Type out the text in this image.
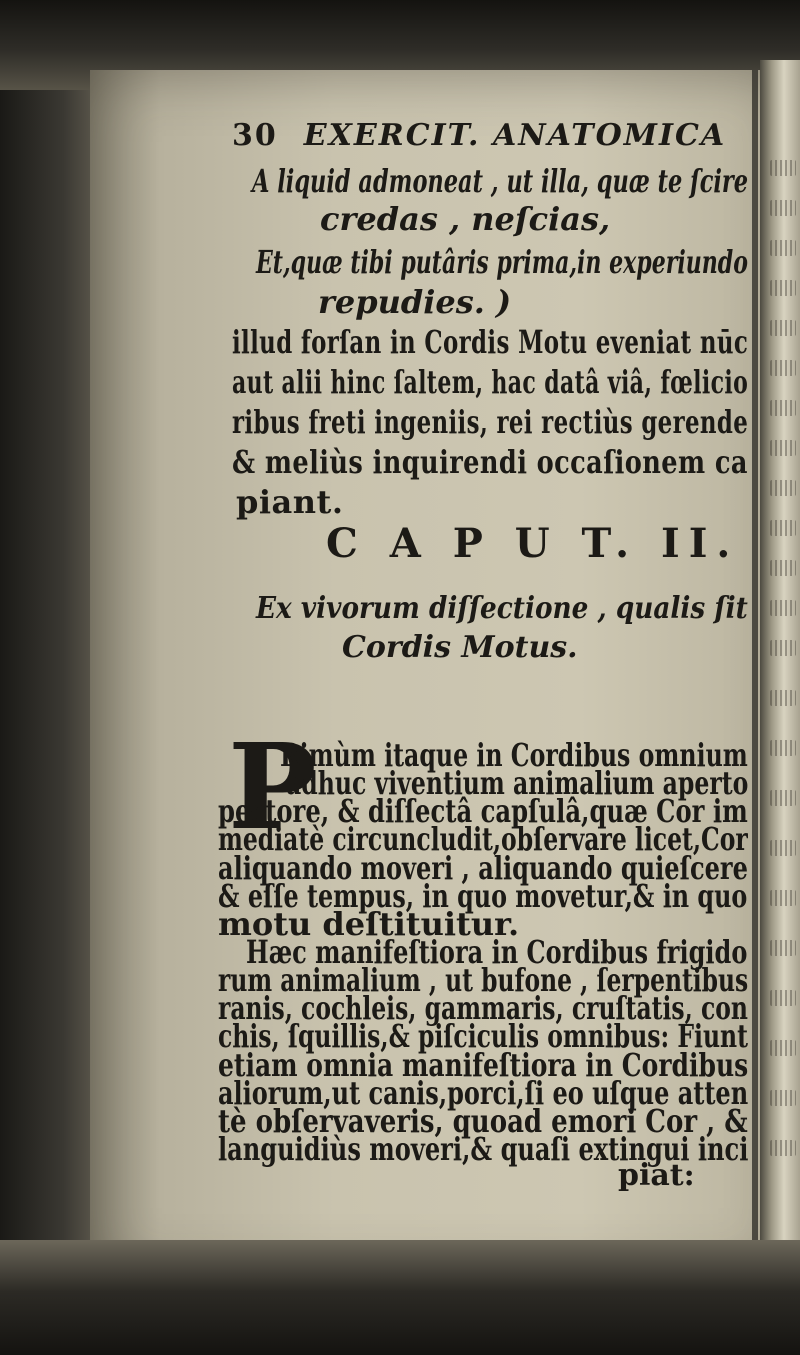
30 EXERCIT. ANATOMICA
A liquid admoneat , ut illa, quæ te ſcire
credas , neſcias,
Et,quæ tibi putâris prima,in experiundo
repudies. )
illud forſan in Cordis Motu eveniat nūc
aut alii hinc ſaltem, hac datâ viâ, fœlicio
ribus freti ingeniis, rei rectiùs gerende
& meliùs inquirendi occaſionem ca
piant.
C A P U T. II.
Ex vivorum diſſectione , qualis ſit
Cordis Motus.
P
Rimùm itaque in Cordibus omnium
adhuc viventium animalium aperto
pectore, & diſſectâ capſulâ,quæ Cor im
mediatè circuncludit,obſervare licet,Cor
aliquando moveri , aliquando quieſcere
& eſſe tempus, in quo movetur,& in quo
motu deſtituitur.
Hæc manifeſtiora in Cordibus frigido
rum animalium , ut bufone , ſerpentibus
ranis, cochleis, gammaris, cruſtatis, con
chis, ſquillis,& piſciculis omnibus: Fiunt
etiam omnia manifeſtiora in Cordibus
aliorum,ut canis,porci,ſi eo uſque atten
tè obſervaveris, quoad emori Cor , &
languidiùs moveri,& quaſi extingui inci
piat:
